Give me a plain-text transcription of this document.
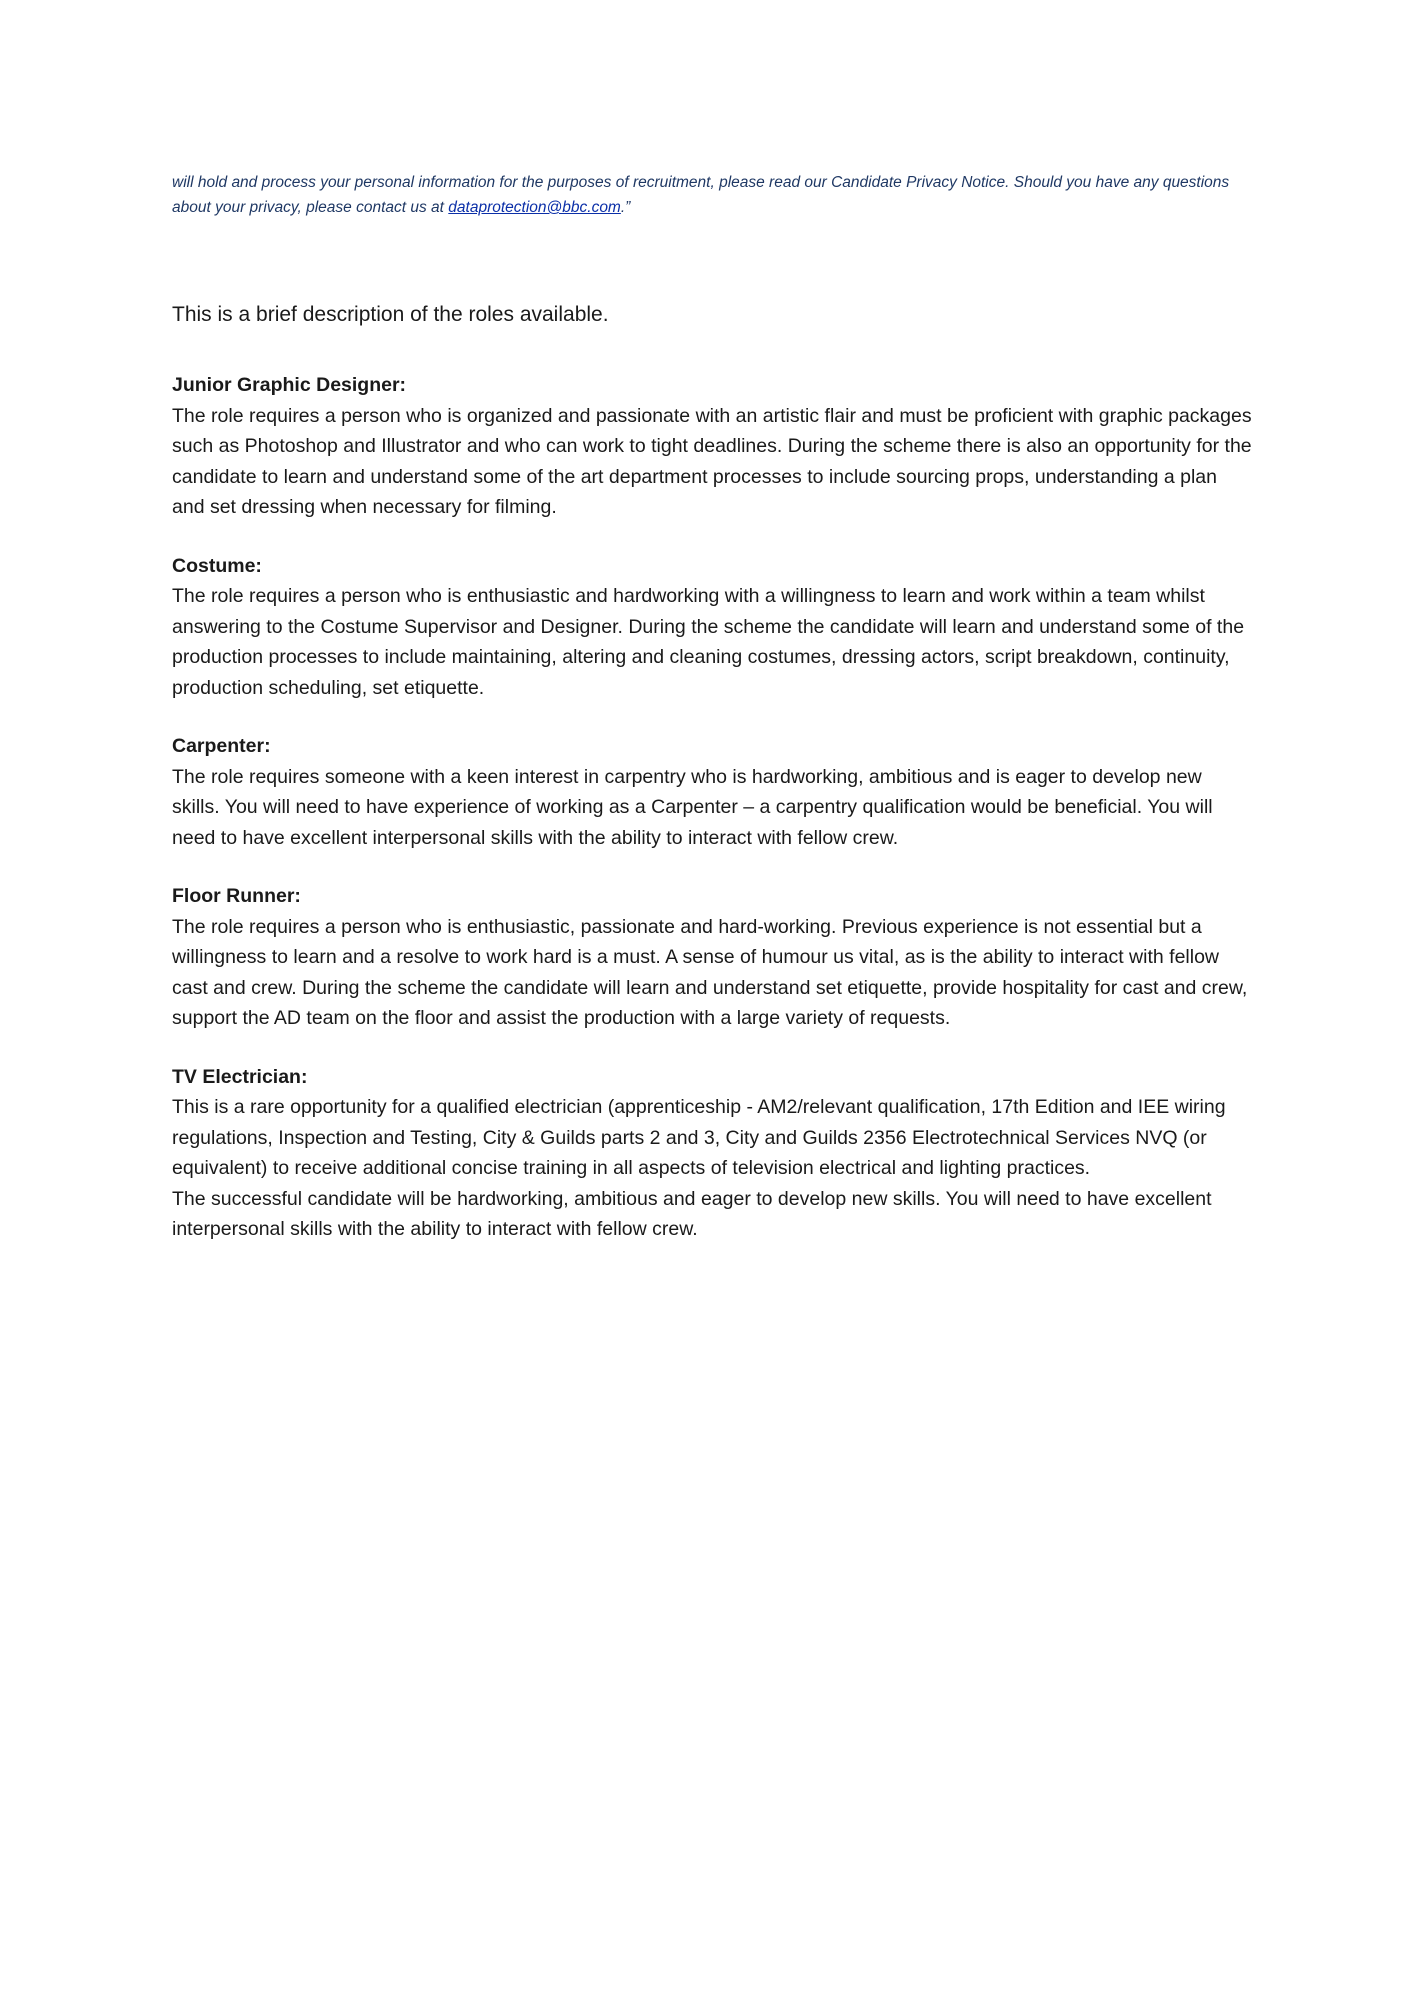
will hold and process your personal information for the purposes of recruitment, please read our Candidate Privacy Notice. Should you have any questions about your privacy, please contact us at dataprotection@bbc.com.”

This is a brief description of the roles available.

Junior Graphic Designer:

The role requires a person who is organized and passionate with an artistic flair and must be proficient with graphic packages such as Photoshop and Illustrator and who can work to tight deadlines. During the scheme there is also an opportunity for the candidate to learn and understand some of the art department processes to include sourcing props, understanding a plan and set dressing when necessary for filming.

Costume:

The role requires a person who is enthusiastic and hardworking with a willingness to learn and work within a team whilst answering to the Costume Supervisor and Designer. During the scheme the candidate will learn and understand some of the production processes to include maintaining, altering and cleaning costumes, dressing actors, script breakdown, continuity, production scheduling, set etiquette.

Carpenter:

The role requires someone with a keen interest in carpentry who is hardworking, ambitious and is eager to develop new skills. You will need to have experience of working as a Carpenter – a carpentry qualification would be beneficial. You will need to have excellent interpersonal skills with the ability to interact with fellow crew.

Floor Runner:

The role requires a person who is enthusiastic, passionate and hard-working. Previous experience is not essential but a willingness to learn and a resolve to work hard is a must. A sense of humour us vital, as is the ability to interact with fellow cast and crew. During the scheme the candidate will learn and understand set etiquette, provide hospitality for cast and crew, support the AD team on the floor and assist the production with a large variety of requests.

TV Electrician:

This is a rare opportunity for a qualified electrician (apprenticeship - AM2/relevant qualification, 17th Edition and IEE wiring regulations, Inspection and Testing, City & Guilds parts 2 and 3, City and Guilds 2356 Electrotechnical Services NVQ (or equivalent) to receive additional concise training in all aspects of television electrical and lighting practices.

The successful candidate will be hardworking, ambitious and eager to develop new skills. You will need to have excellent interpersonal skills with the ability to interact with fellow crew.
